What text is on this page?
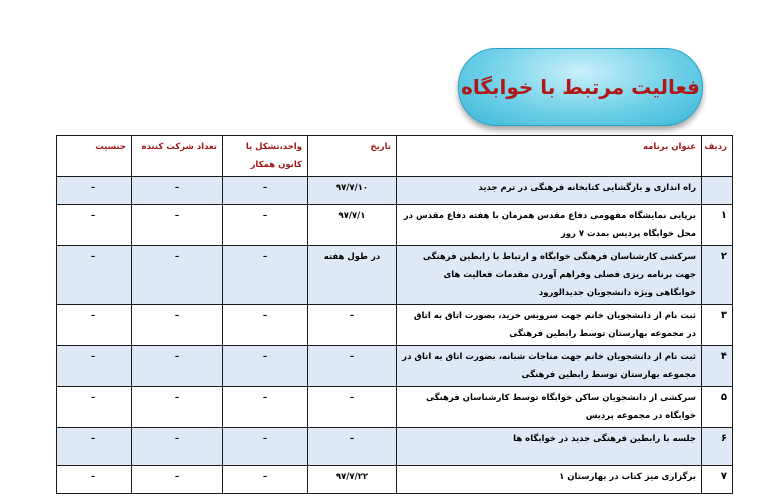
فعالیت مرتبط با خوابگاه
ردیف	عنوان برنامه	تاریخ	واحد،تشکل یا کانون همکار	تعداد شرکت کننده	جنسیت
	راه اندازی و بازگشایی کتابخانه فرهنگی در ترم جدید	۹۷/۷/۱۰	–	–	–
۱	برپایی نمایشگاه مفهومی دفاع مقدس همزمان با هفته دفاع مقدس در محل خوابگاه پردیس بمدت ۷ روز	۹۷/۷/۱	–	–	–
۲	سرکشی کارشناسان فرهنگی خوابگاه و ارتباط با رابطین فرهنگی جهت برنامه ریزی فصلی وفراهم آوردن مقدمات فعالیت های خوابگاهی ویژه دانشجویان جدیدالورود	در طول هفته	–	–	–
۳	ثبت نام از دانشجویان خانم جهت سرویس خرید، بصورت اتاق به اتاق در مجموعه بهارستان توسط رابطین فرهنگی	–	–	–	–
۴	ثبت نام از دانشجویان خانم جهت مناجات شبانه، بصورت اتاق به اتاق در مجموعه بهارستان توسط رابطین فرهنگی	–	–	–	–
۵	سرکشی از دانشجویان ساکن خوابگاه توسط کارشناسان فرهنگی خوابگاه در مجموعه پردیس	–	–	–	–
۶	جلسه با رابطین فرهنگی جدید در خوابگاه ها	–	–	–	–
۷	برگزاری میز کتاب در بهارستان ۱	۹۷/۷/۲۲	–	–	–
